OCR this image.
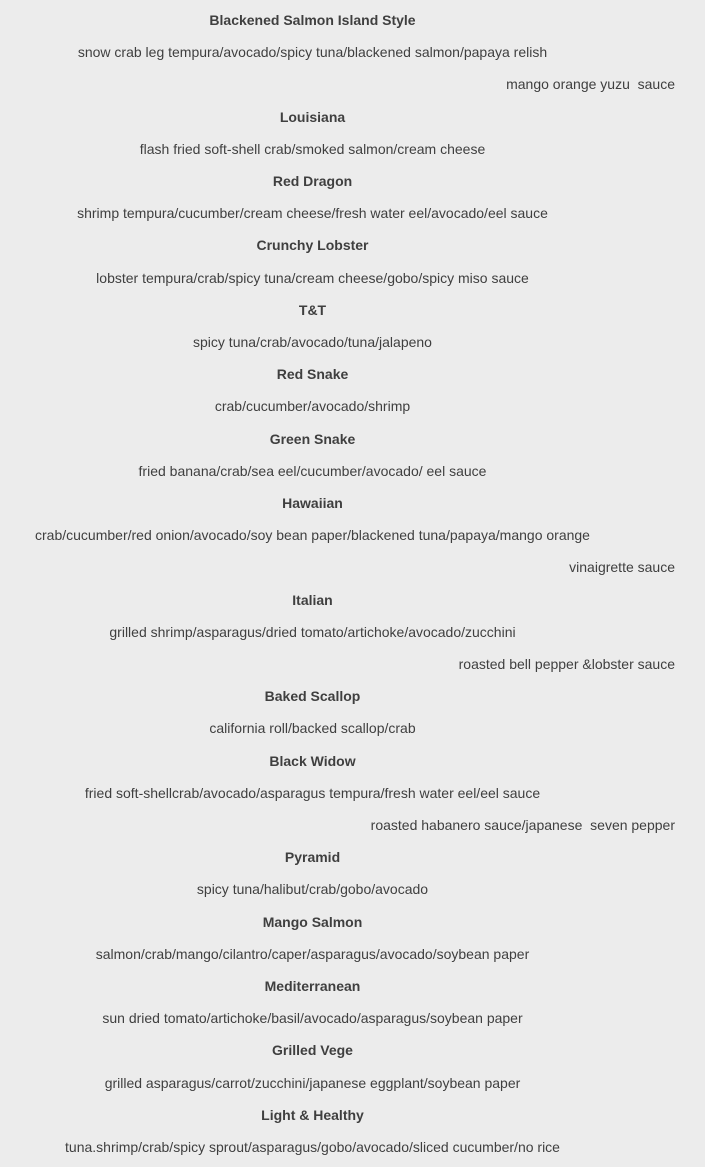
Blackened Salmon Island Style
snow crab leg tempura/avocado/spicy tuna/blackened salmon/papaya relish
mango orange yuzu  sauce
Louisiana
flash fried soft-shell crab/smoked salmon/cream cheese
Red Dragon
shrimp tempura/cucumber/cream cheese/fresh water eel/avocado/eel sauce
Crunchy Lobster
lobster tempura/crab/spicy tuna/cream cheese/gobo/spicy miso sauce
T&T
spicy tuna/crab/avocado/tuna/jalapeno
Red Snake
crab/cucumber/avocado/shrimp
Green Snake
fried banana/crab/sea eel/cucumber/avocado/ eel sauce
Hawaiian
crab/cucumber/red onion/avocado/soy bean paper/blackened tuna/papaya/mango orange
vinaigrette sauce
Italian
grilled shrimp/asparagus/dried tomato/artichoke/avocado/zucchini
roasted bell pepper &lobster sauce
Baked Scallop
california roll/backed scallop/crab
Black Widow
fried soft-shellcrab/avocado/asparagus tempura/fresh water eel/eel sauce
roasted habanero sauce/japanese  seven pepper
Pyramid
spicy tuna/halibut/crab/gobo/avocado
Mango Salmon
salmon/crab/mango/cilantro/caper/asparagus/avocado/soybean paper
Mediterranean
sun dried tomato/artichoke/basil/avocado/asparagus/soybean paper
Grilled Vege
grilled asparagus/carrot/zucchini/japanese eggplant/soybean paper
Light & Healthy
tuna.shrimp/crab/spicy sprout/asparagus/gobo/avocado/sliced cucumber/no rice
